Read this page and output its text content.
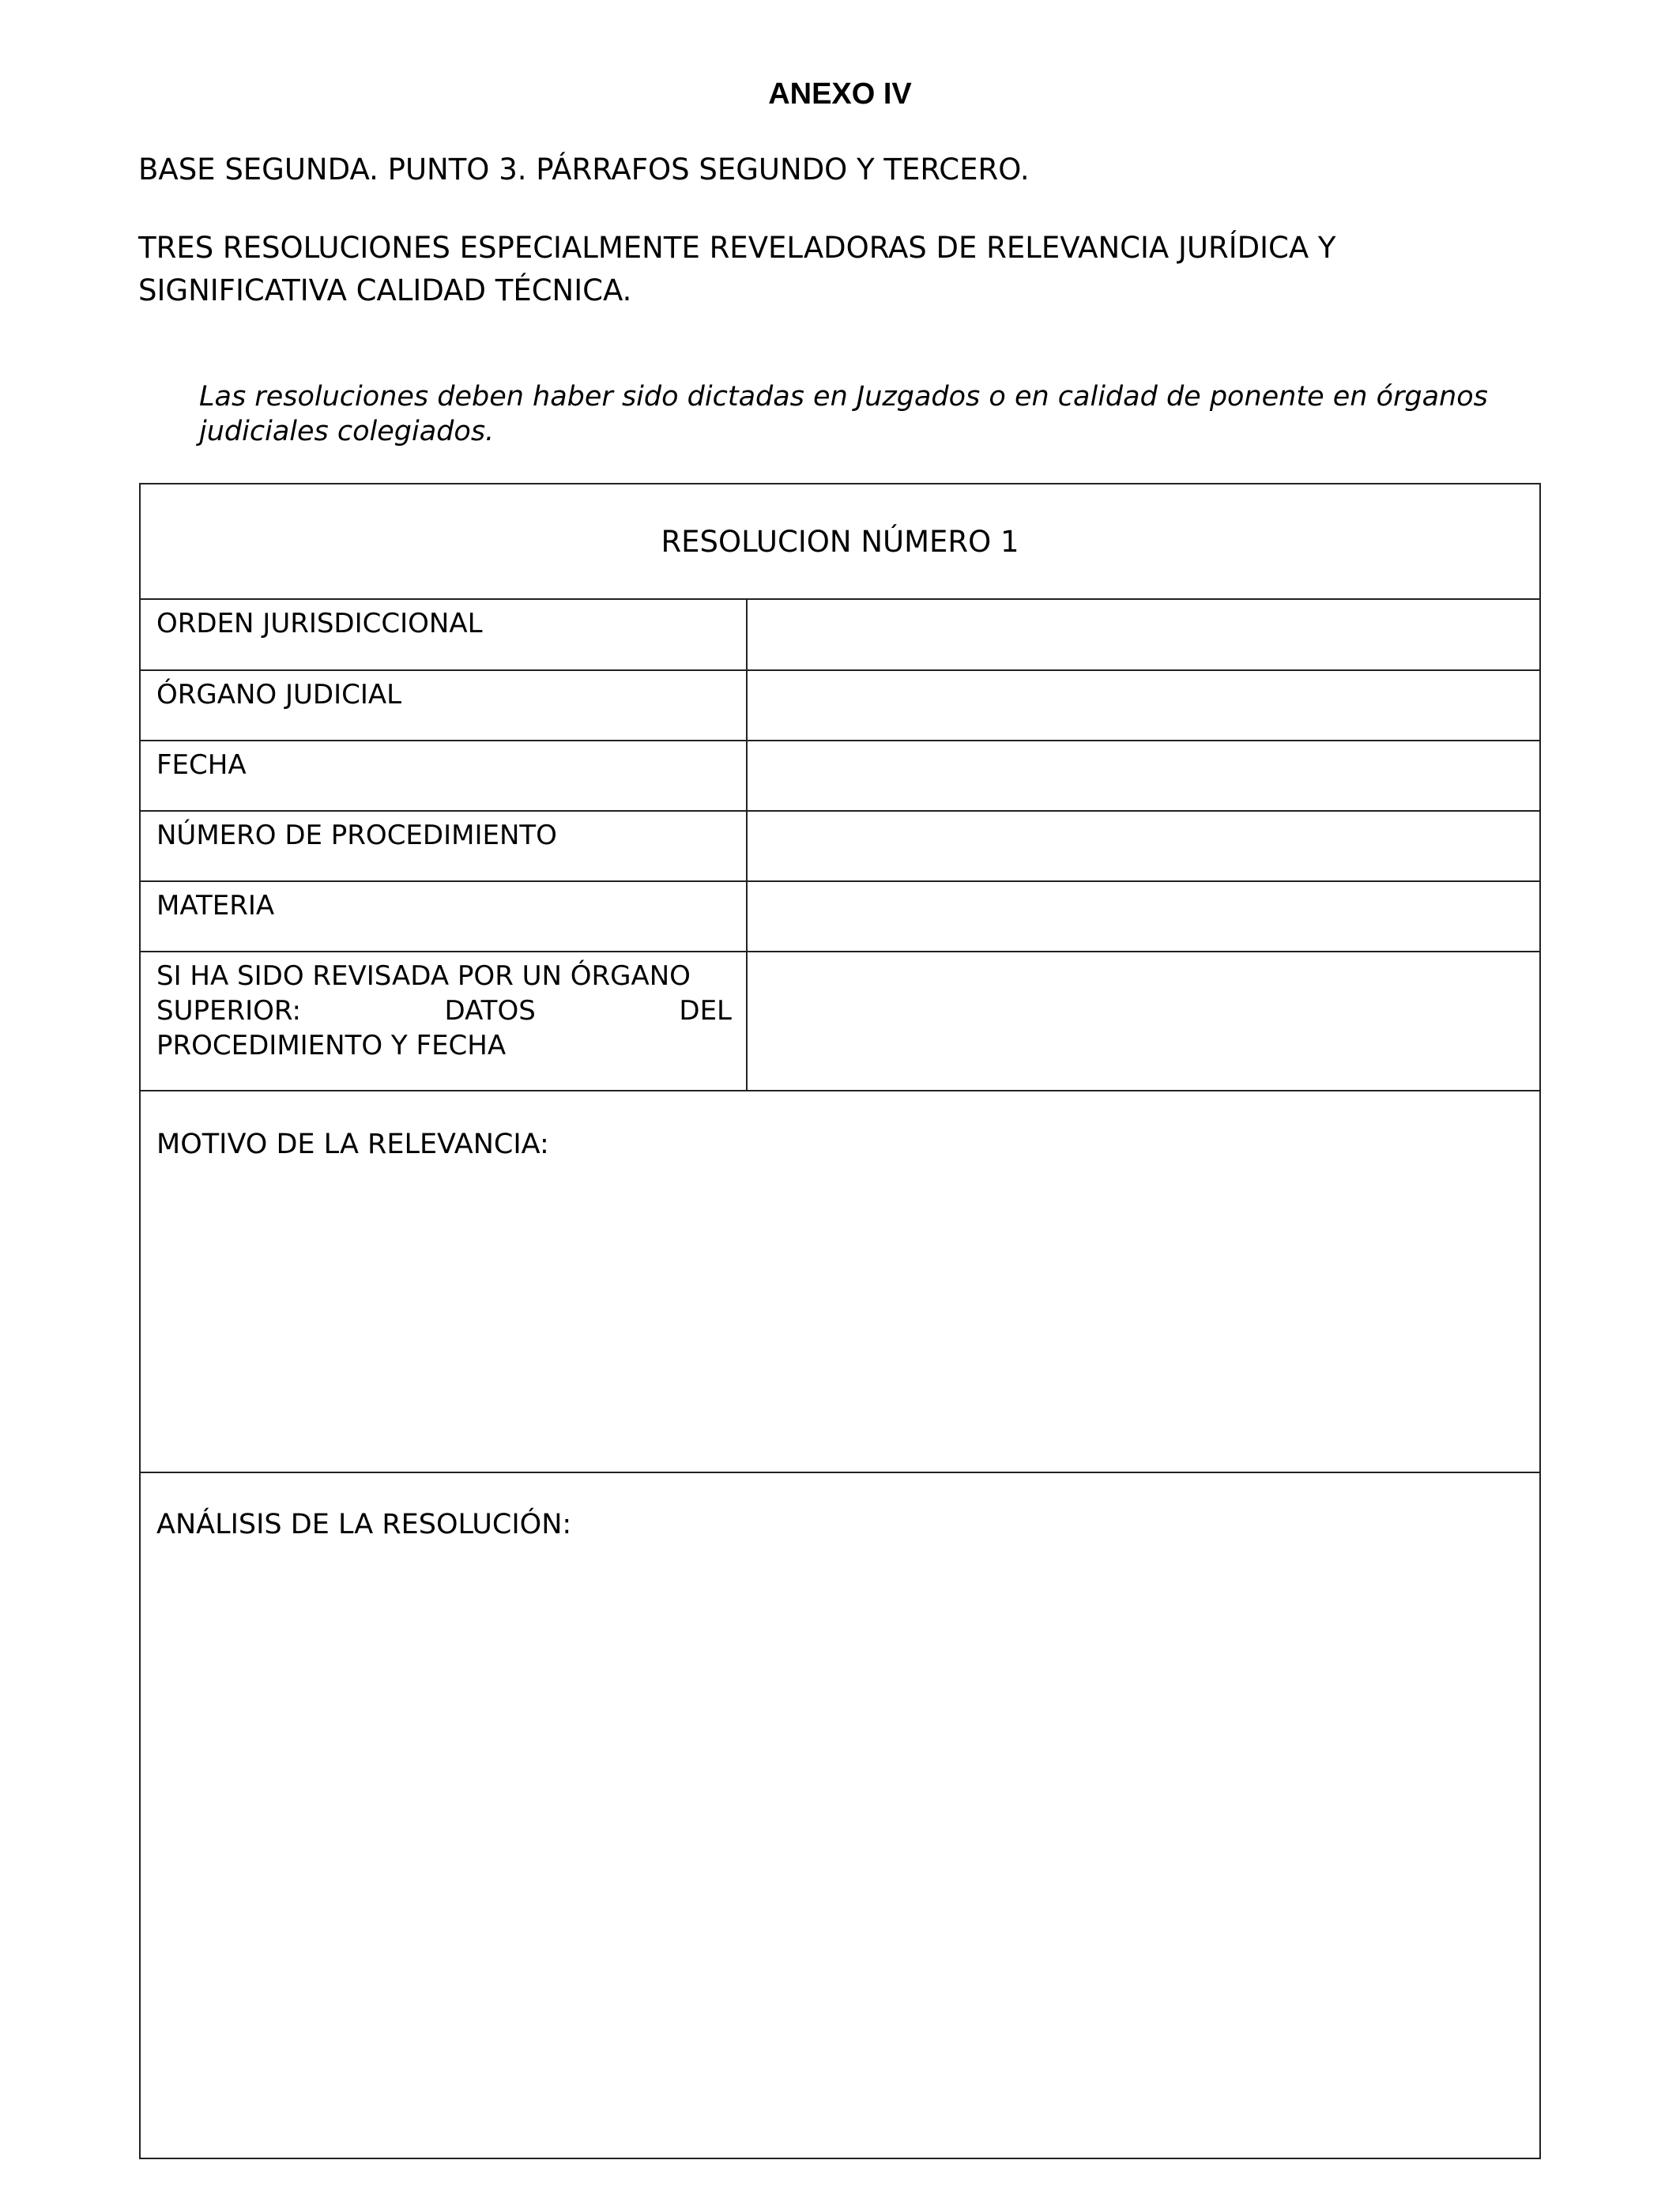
ANEXO IV

BASE SEGUNDA. PUNTO 3. PÁRRAFOS SEGUNDO Y TERCERO.

TRES RESOLUCIONES ESPECIALMENTE REVELADORAS DE RELEVANCIA JURÍDICA Y
SIGNIFICATIVA CALIDAD TÉCNICA.

Las resoluciones deben haber sido dictadas en Juzgados o en calidad de ponente en órganos judiciales colegiados.

RESOLUCION NÚMERO 1
ORDEN JURISDICCIONAL
ÓRGANO JUDICIAL
FECHA
NÚMERO DE PROCEDIMIENTO
MATERIA
SI HA SIDO REVISADA POR UN ÓRGANO
SUPERIOR:	DATOS	DEL
PROCEDIMIENTO Y FECHA
MOTIVO DE LA RELEVANCIA:
ANÁLISIS DE LA RESOLUCIÓN:
